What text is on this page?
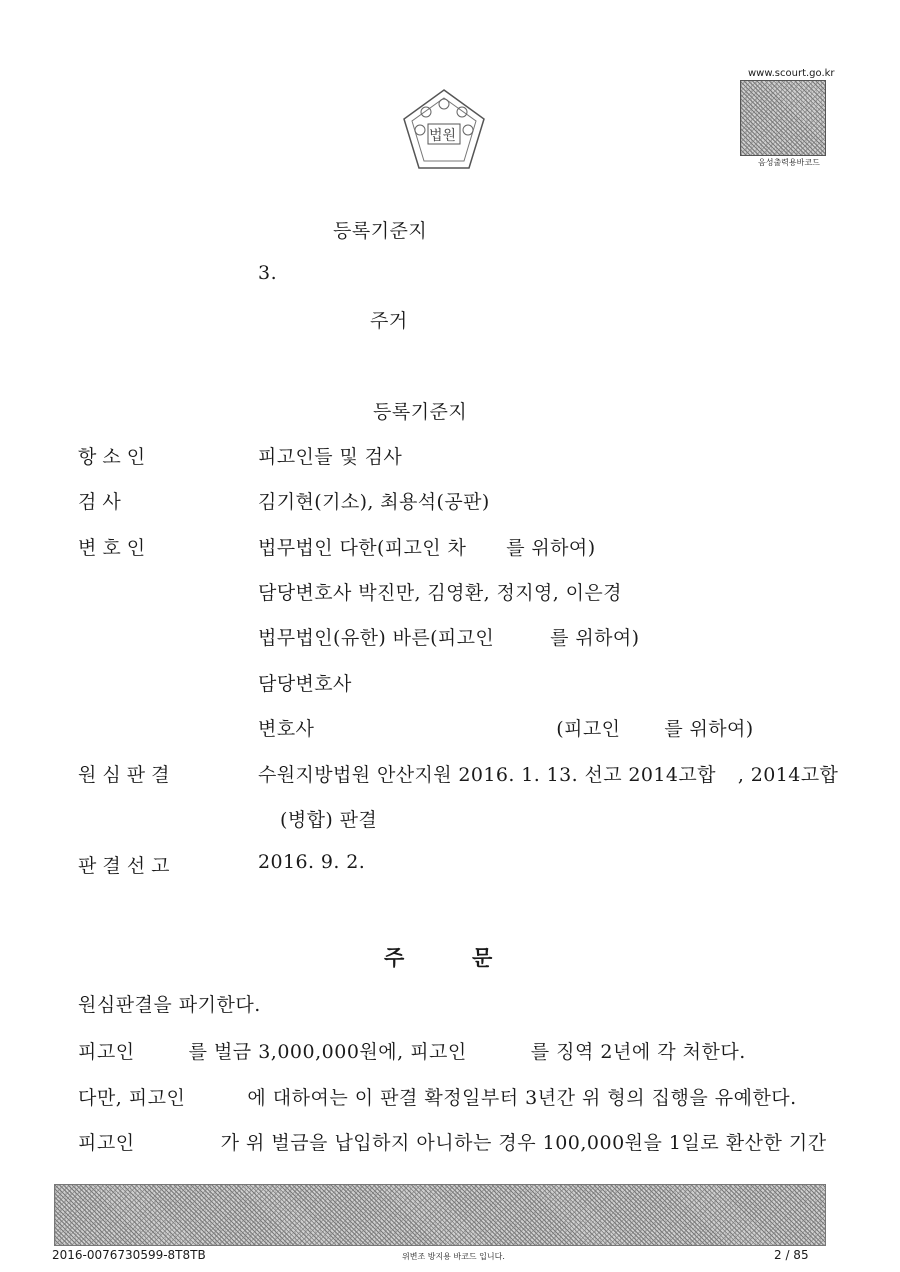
법원
www.scourt.go.kr
음성출력용바코드
등록기준지
3.
주거
등록기준지
항 소 인	피고인들 및 검사
검 사	김기현(기소), 최용석(공판)
변 호 인	법무법인 다한(피고인 차 를 위하여)
담당변호사 박진만, 김영환, 정지영, 이은경
법무법인(유한) 바른(피고인	를 위하여)
담당변호사
변호사	(피고인 를 위하여)
원 심 판 결	수원지방법원 안산지원 2016. 1. 13. 선고 2014고합 , 2014고합
(병합) 판결
판 결 선 고	2016. 9. 2.
주	문
원심판결을 파기한다.
피고인	를 벌금 3,000,000원에, 피고인	를 징역 2년에 각 처한다.
다만, 피고인	에 대하여는 이 판결 확정일부터 3년간 위 형의 집행을 유예한다.
피고인	가 위 벌금을 납입하지 아니하는 경우 100,000원을 1일로 환산한 기간
2016-0076730599-8T8TB	위변조 방지용 바코드 입니다.	2 / 85
